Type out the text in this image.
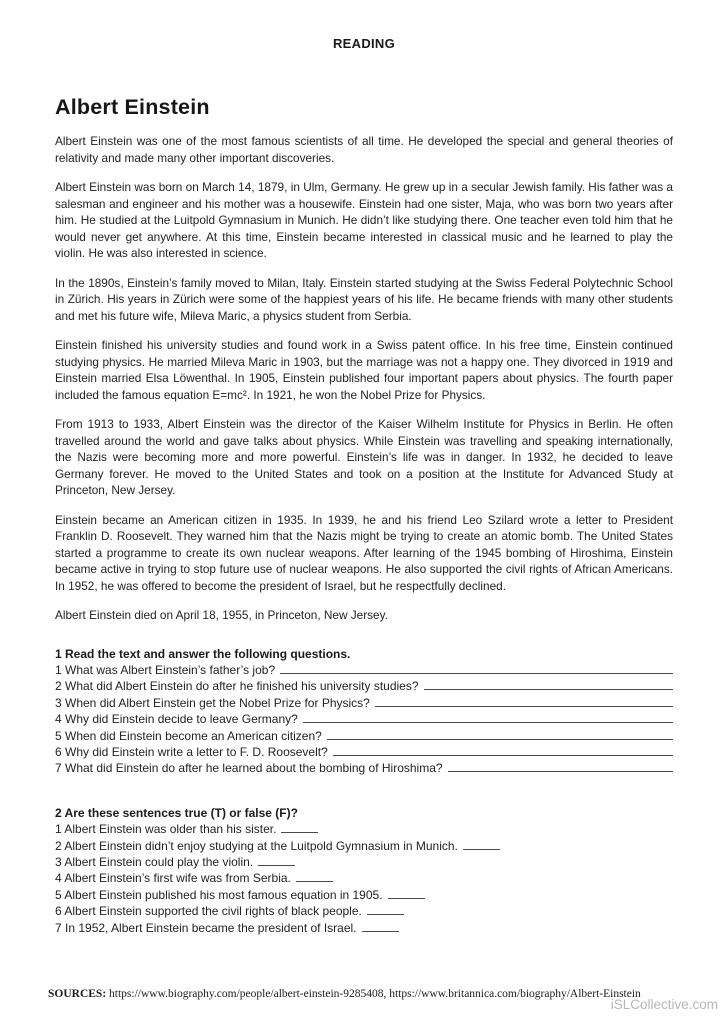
READING
Albert Einstein

Albert Einstein was one of the most famous scientists of all time. He developed the special and general theories of relativity and made many other important discoveries.

Albert Einstein was born on March 14, 1879, in Ulm, Germany. He grew up in a secular Jewish family. His father was a salesman and engineer and his mother was a housewife. Einstein had one sister, Maja, who was born two years after him. He studied at the Luitpold Gymnasium in Munich. He didn’t like studying there. One teacher even told him that he would never get anywhere. At this time, Einstein became interested in classical music and he learned to play the violin. He was also interested in science.

In the 1890s, Einstein’s family moved to Milan, Italy. Einstein started studying at the Swiss Federal Polytechnic School in Zürich. His years in Zürich were some of the happiest years of his life. He became friends with many other students and met his future wife, Mileva Maric, a physics student from Serbia.

Einstein finished his university studies and found work in a Swiss patent office. In his free time, Einstein continued studying physics. He married Mileva Maric in 1903, but the marriage was not a happy one. They divorced in 1919 and Einstein married Elsa Löwenthal. In 1905, Einstein published four important papers about physics. The fourth paper included the famous equation E=mc². In 1921, he won the Nobel Prize for Physics.

From 1913 to 1933, Albert Einstein was the director of the Kaiser Wilhelm Institute for Physics in Berlin. He often travelled around the world and gave talks about physics. While Einstein was travelling and speaking internationally, the Nazis were becoming more and more powerful. Einstein’s life was in danger. In 1932, he decided to leave Germany forever. He moved to the United States and took on a position at the Institute for Advanced Study at Princeton, New Jersey.

Einstein became an American citizen in 1935. In 1939, he and his friend Leo Szilard wrote a letter to President Franklin D. Roosevelt. They warned him that the Nazis might be trying to create an atomic bomb. The United States started a programme to create its own nuclear weapons. After learning of the 1945 bombing of Hiroshima, Einstein became active in trying to stop future use of nuclear weapons. He also supported the civil rights of African Americans. In 1952, he was offered to become the president of Israel, but he respectfully declined.

Albert Einstein died on April 18, 1955, in Princeton, New Jersey.

1 Read the text and answer the following questions.
1 What was Albert Einstein’s father’s job?
2 What did Albert Einstein do after he finished his university studies?
3 When did Albert Einstein get the Nobel Prize for Physics?
4 Why did Einstein decide to leave Germany?
5 When did Einstein become an American citizen?
6 Why did Einstein write a letter to F. D. Roosevelt?
7 What did Einstein do after he learned about the bombing of Hiroshima?
2 Are these sentences true (T) or false (F)?
1 Albert Einstein was older than his sister.
2 Albert Einstein didn’t enjoy studying at the Luitpold Gymnasium in Munich.
3 Albert Einstein could play the violin.
4 Albert Einstein’s first wife was from Serbia.
5 Albert Einstein published his most famous equation in 1905.
6 Albert Einstein supported the civil rights of black people.
7 In 1952, Albert Einstein became the president of Israel.
SOURCES: https://www.biography.com/people/albert-einstein-9285408, https://www.britannica.com/biography/Albert-Einstein
iSLCollective.com
